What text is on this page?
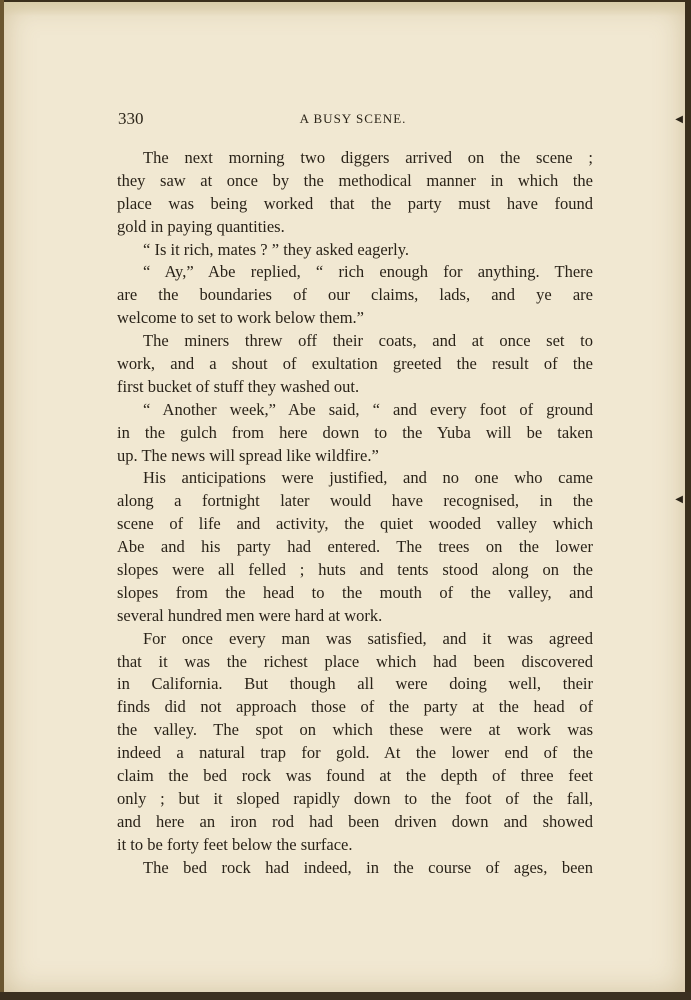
◀
◀
330	A BUSY SCENE.
The next morning two diggers arrived on the scene ;
they saw at once by the methodical manner in which the
place was being worked that the party must have found
gold in paying quantities.
“ Is it rich, mates ? ” they asked eagerly.
“ Ay,” Abe replied, “ rich enough for anything. There
are the boundaries of our claims, lads, and ye are
welcome to set to work below them.”
The miners threw off their coats, and at once set to
work, and a shout of exultation greeted the result of the
first bucket of stuff they washed out.
“ Another week,” Abe said, “ and every foot of ground
in the gulch from here down to the Yuba will be taken
up. The news will spread like wildfire.”
His anticipations were justified, and no one who came
along a fortnight later would have recognised, in the
scene of life and activity, the quiet wooded valley which
Abe and his party had entered. The trees on the lower
slopes were all felled ; huts and tents stood along on the
slopes from the head to the mouth of the valley, and
several hundred men were hard at work.
For once every man was satisfied, and it was agreed
that it was the richest place which had been discovered
in California. But though all were doing well, their
finds did not approach those of the party at the head of
the valley. The spot on which these were at work was
indeed a natural trap for gold. At the lower end of the
claim the bed rock was found at the depth of three feet
only ; but it sloped rapidly down to the foot of the fall,
and here an iron rod had been driven down and showed
it to be forty feet below the surface.
The bed rock had indeed, in the course of ages, been
